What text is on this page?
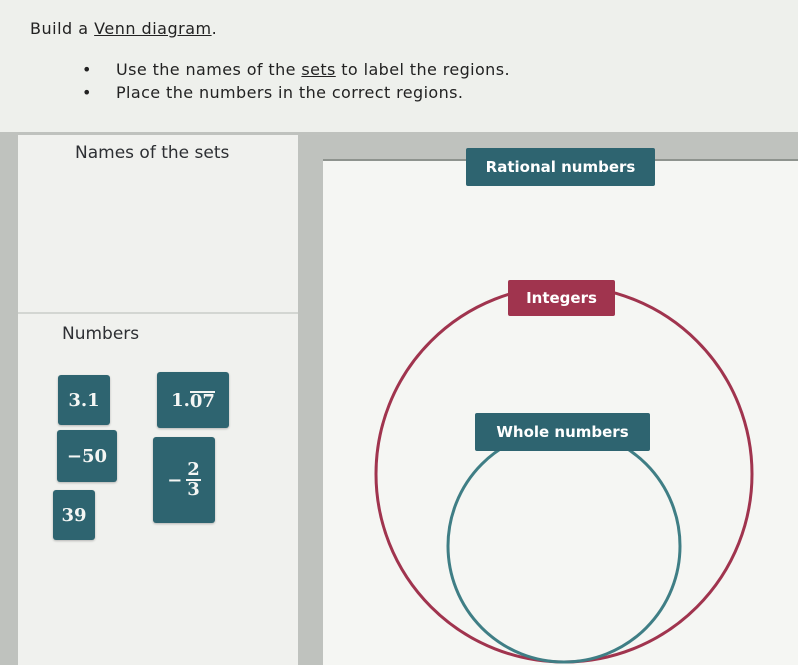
Build a Venn diagram.
• Use the names of the sets to label the regions.
• Place the numbers in the correct regions.
Names of the sets
Numbers
3.1	1. 07
−50
− $\frac{2}{3}$
39
Rational numbers
Integers
Whole numbers
